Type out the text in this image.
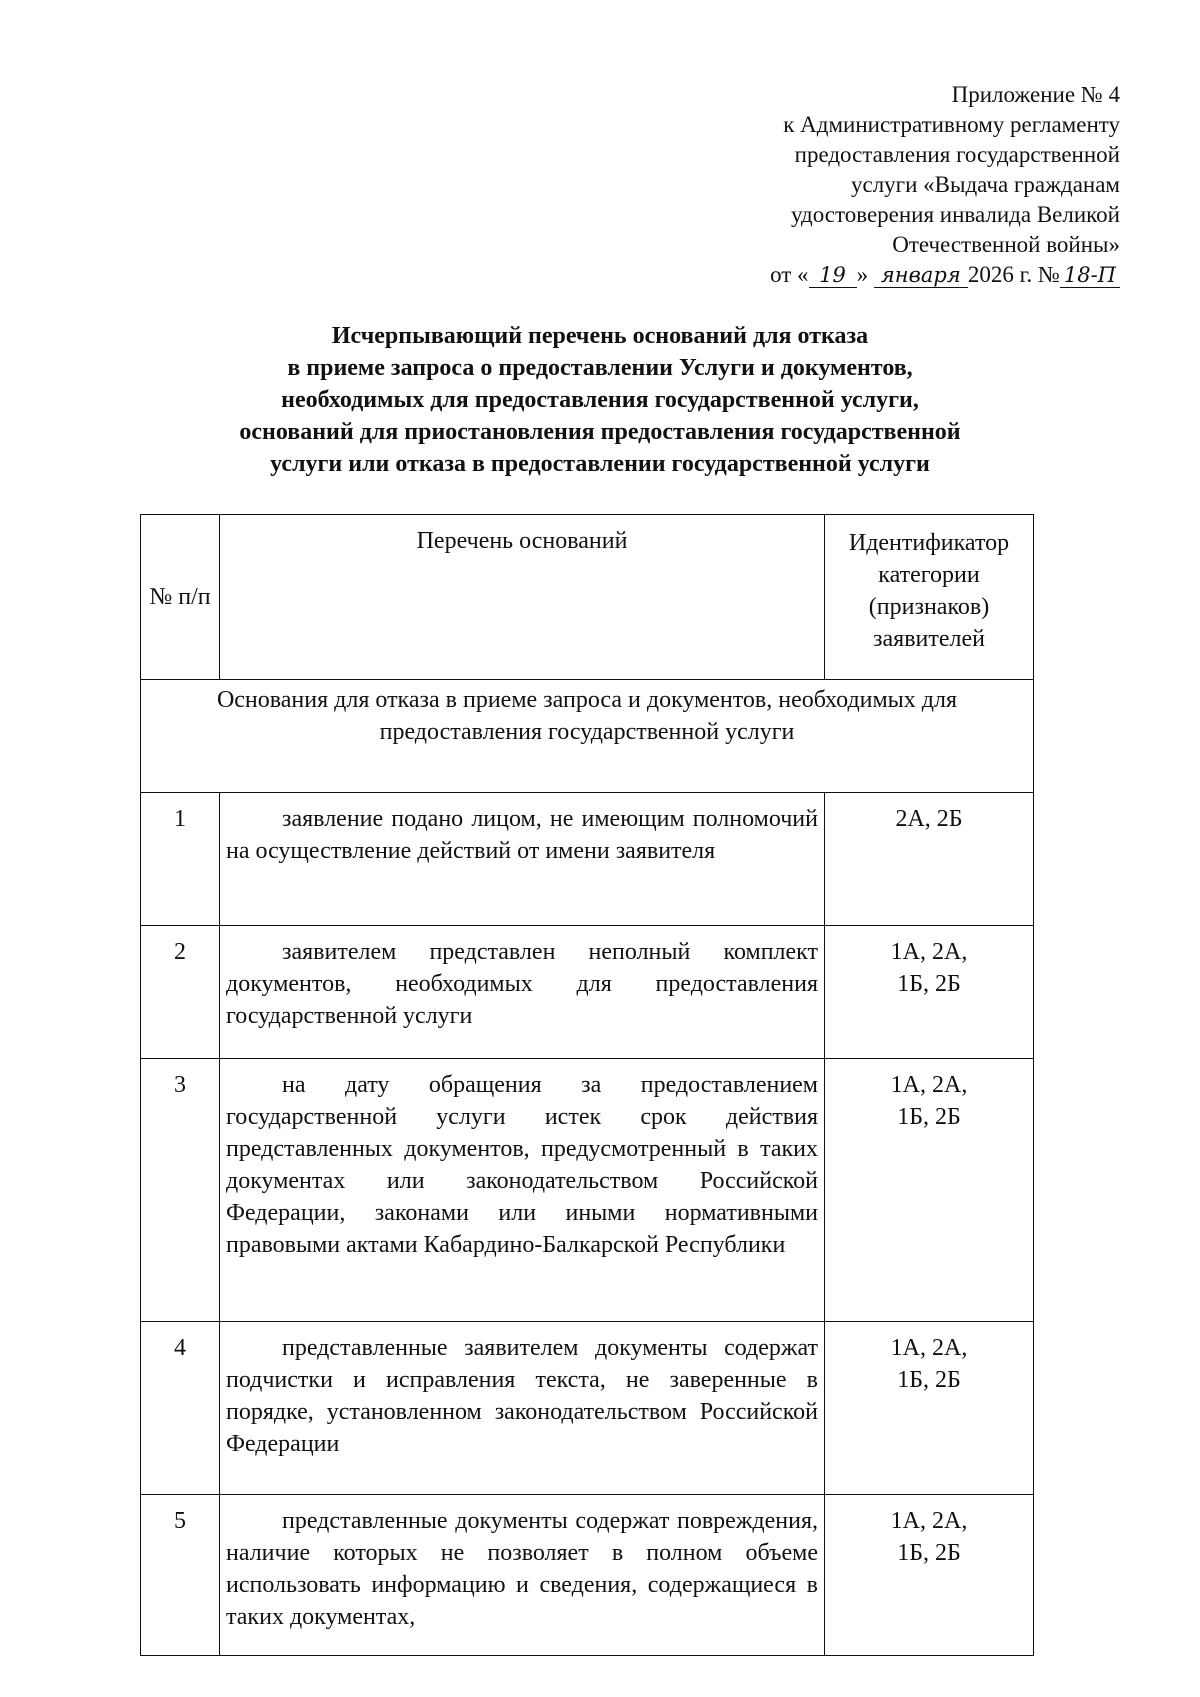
Приложение № 4
к Административному регламенту
предоставления государственной
услуги «Выдача гражданам
удостоверения инвалида Великой
Отечественной войны»
от « 19 » января 2026 г. № 18-П
Исчерпывающий перечень оснований для отказа
в приеме запроса о предоставлении Услуги и документов,
необходимых для предоставления государственной услуги,
оснований для приостановления предоставления государственной
услуги или отказа в предоставлении государственной услуги
№ п/п	Перечень оснований	Идентификатор категории (признаков) заявителей
Основания для отказа в приеме запроса и документов, необходимых для предоставления государственной услуги		
1	заявление подано лицом, не имеющим полномочий на осуществление действий от имени заявителя	2А, 2Б

2	заявителем представлен неполный комплект документов, необходимых для предоставления государственной услуги	1А, 2А,
1Б, 2Б

3	на дату обращения за предоставлением государственной услуги истек срок действия представленных документов, предусмотренный в таких документах или законодательством Российской Федерации, законами или иными нормативными правовыми актами Кабардино-Балкарской Республики	1А, 2А,
1Б, 2Б

4	представленные заявителем документы содержат подчистки и исправления текста, не заверенные в порядке, установленном законодательством Российской Федерации	1А, 2А,
1Б, 2Б

5	представленные документы содержат повреждения, наличие которых не позволяет в полном объеме использовать информацию и сведения, содержащиеся в таких документах,	1А, 2А,
1Б, 2Б
